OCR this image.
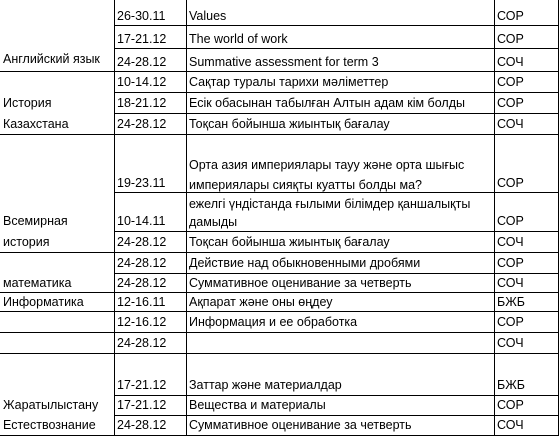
Английский язык
История
Казахстана
Всемирная
история
математика
Информатика
Жаратылыстану
Естествознание
26-30.11
17-21.12
24-28.12
10-14.12
18-21.12
24-28.12
19-23.11
10-14.11
24-28.12
24-28.12
24-28.12
12-16.11
12-16.12
24-28.12
17-21.12
17-21.12
24-28.12
Values
The world of work
Summative assessment for term 3
Сақтар туралы тарихи мәліметтер
Есік обасынан табылған Алтын адам кім болды
Тоқсан бойынша жиынтық бағалау
Орта азия империялары тауу және орта шығыс империялары сияқты куатты болды ма?
ежелгі үндістанда ғылыми білімдер қаншалықты дамыды
Тоқсан бойынша жиынтық бағалау
Действие над обыкновенными дробями
Суммативное оценивание за четверть
Ақпарат және оны өңдеу
Информация и ее обработка
Заттар және материалдар
Вещества и материалы
Суммативное оценивание за четверть
СОР
СОР
СОЧ
СОР
СОР
СОЧ
СОР
СОР
СОЧ
СОР
СОЧ
БЖБ
СОР
СОЧ
БЖБ
СОР
СОЧ
